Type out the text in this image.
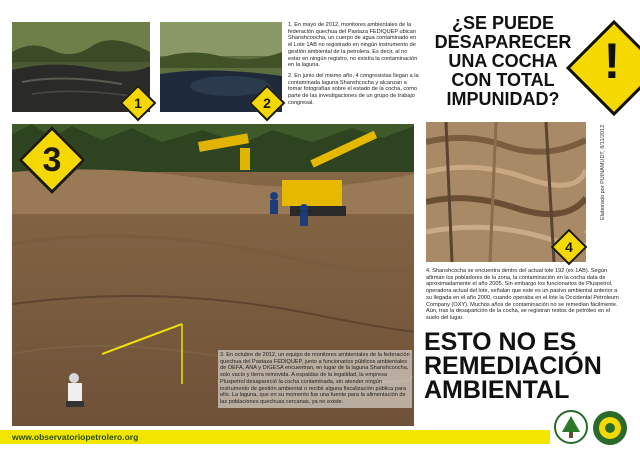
1	2
1. En mayo de 2012, monitores ambientales de la federación quechua del Pastaza FEDIQUEP ubican Shanshcoocha, un cuerpo de agua contaminado en el Lote 1AB no registrado en ningún instrumento de gestión ambiental de la petrolera. Es decir, al no estar en ningún registro, no existía la contaminación en la laguna.
2. En junio del mismo año, 4 congresistas llegan a la contaminada laguna Shanshcocha y alcanzan a tomar fotografías sobre el estado de la cocha, como parte de las investigaciones de un grupo de trabajo congresal.
¿SE PUEDE
DESAPARECER
UNA COCHA
CON TOTAL
IMPUNIDAD?
!
3
3. En octubre de 2012, un equipo de monitores ambientales de la federación quechua del Pastaza FEDIQUEP, junto a funcionarios públicos ambientales de OEFA, ANA y DIGESA encuentran, en lugar de la laguna Shanshcoocha, solo vacío y tierra removida. A espaldas de la legalidad, la empresa Pluspetrol desapareció la cocha contaminada, sin atender ningún instrumento de gestión ambiental o recibir alguna fiscalización pública para ello. La laguna, que en su momento fue una fuente para la alimentación de las poblaciones quechuas cercanas, ya no existe.
4
Elaborado por PUINAMUDT, 8/11/2012
4. Shanshcocha se encuentra dentro del actual lote 192 (ex 1AB). Según afirman los pobladores de la zona, la contaminación en la cocha data de aproximadamente el año 2005. Sin embargo los funcionarios de Pluspetrol, operadora actual del lote, señalan que este es un pasivo ambiental anterior a su llegada en el año 2000, cuando operaba en el lote la Occidental Petroleum Company (OXY). Muchos años de contaminación no se remedian fácilmente. Aún, tras la desaparición de la cocha, se registran restos de petróleo en el suelo del lugar.
ESTO NO ES
REMEDIACIÓN
AMBIENTAL
www.observatoriopetrolero.org
